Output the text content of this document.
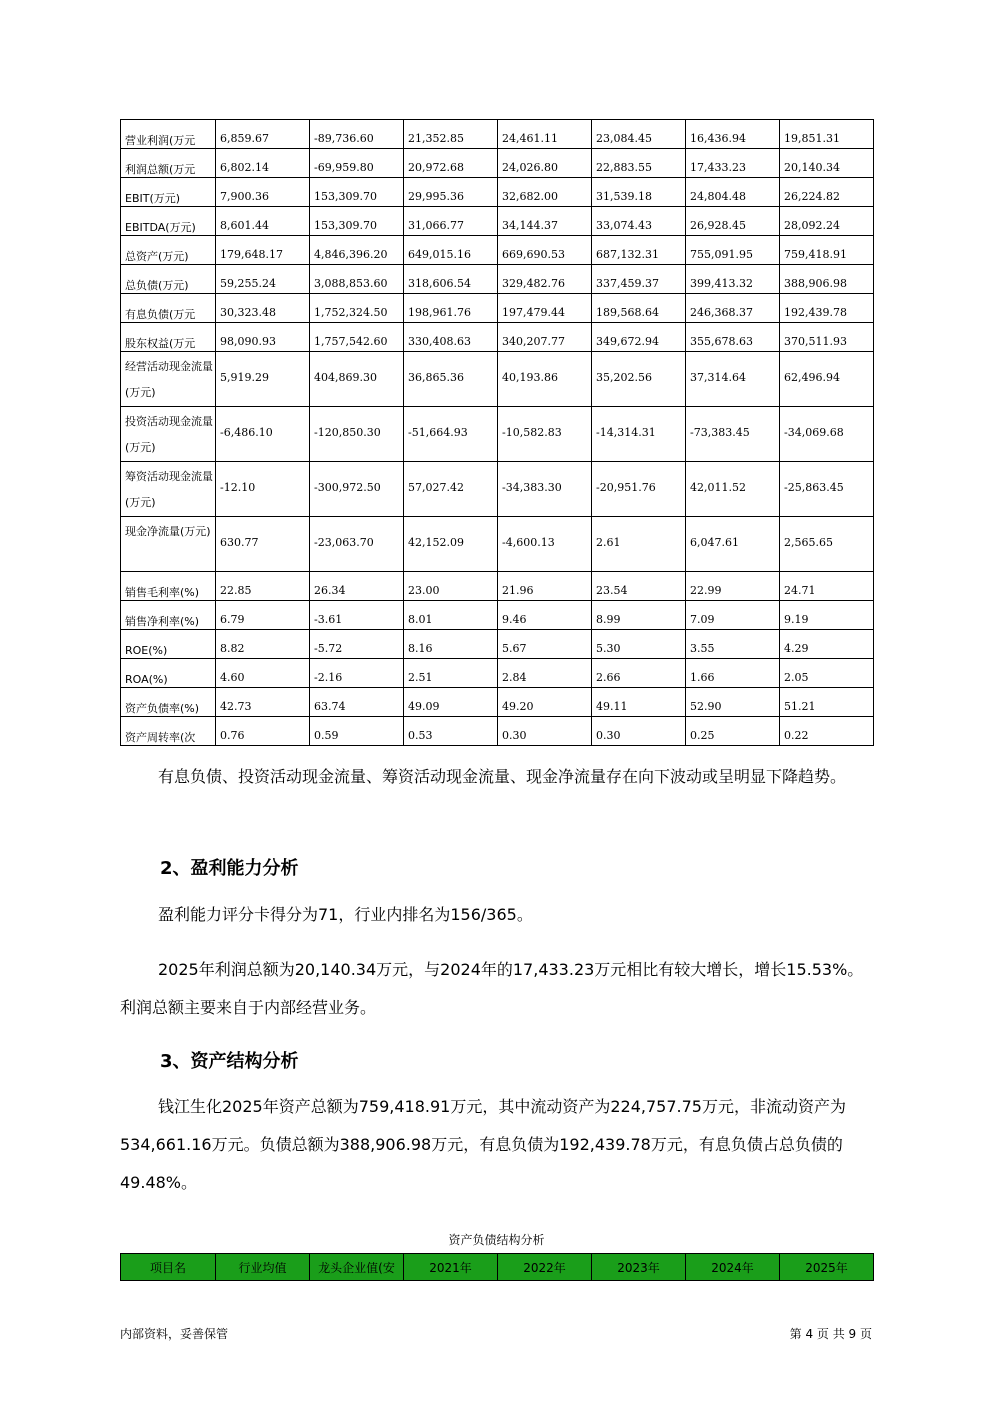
营业利润(万元	6,859.67	-89,736.60	21,352.85	24,461.11	23,084.45	16,436.94	19,851.31
利润总额(万元	6,802.14	-69,959.80	20,972.68	24,026.80	22,883.55	17,433.23	20,140.34
EBIT(万元)	7,900.36	153,309.70	29,995.36	32,682.00	31,539.18	24,804.48	26,224.82
EBITDA(万元)	8,601.44	153,309.70	31,066.77	34,144.37	33,074.43	26,928.45	28,092.24
总资产(万元)	179,648.17	4,846,396.20	649,015.16	669,690.53	687,132.31	755,091.95	759,418.91
总负债(万元)	59,255.24	3,088,853.60	318,606.54	329,482.76	337,459.37	399,413.32	388,906.98
有息负债(万元	30,323.48	1,752,324.50	198,961.76	197,479.44	189,568.64	246,368.37	192,439.78
股东权益(万元	98,090.93	1,757,542.60	330,408.63	340,207.77	349,672.94	355,678.63	370,511.93
经营活动现金流量(万元)	5,919.29	404,869.30	36,865.36	40,193.86	35,202.56	37,314.64	62,496.94
投资活动现金流量(万元)	-6,486.10	-120,850.30	-51,664.93	-10,582.83	-14,314.31	-73,383.45	-34,069.68
筹资活动现金流量(万元)	-12.10	-300,972.50	57,027.42	-34,383.30	-20,951.76	42,011.52	-25,863.45
现金净流量(万元)	630.77	-23,063.70	42,152.09	-4,600.13	2.61	6,047.61	2,565.65
销售毛利率(%)	22.85	26.34	23.00	21.96	23.54	22.99	24.71
销售净利率(%)	6.79	-3.61	8.01	9.46	8.99	7.09	9.19
ROE(%)	8.82	-5.72	8.16	5.67	5.30	3.55	4.29
ROA(%)	4.60	-2.16	2.51	2.84	2.66	1.66	2.05
资产负债率(%)	42.73	63.74	49.09	49.20	49.11	52.90	51.21
资产周转率(次	0.76	0.59	0.53	0.30	0.30	0.25	0.22
有息负债、投资活动现金流量、筹资活动现金流量、现金净流量存在向下波动或呈明显下降趋势。
2、盈利能力分析
盈利能力评分卡得分为71，行业内排名为156/365。
2025年利润总额为20,140.34万元，与2024年的17,433.23万元相比有较大增长，增长15.53%。利润总额主要来自于内部经营业务。
3、资产结构分析
钱江生化2025年资产总额为759,418.91万元，其中流动资产为224,757.75万元，非流动资产为534,661.16万元。负债总额为388,906.98万元，有息负债为192,439.78万元，有息负债占总负债的49.48%。
资产负债结构分析
项目名	行业均值	龙头企业值(安	2021年	2022年	2023年	2024年	2025年
内部资料，妥善保管	第 4 页 共 9 页
